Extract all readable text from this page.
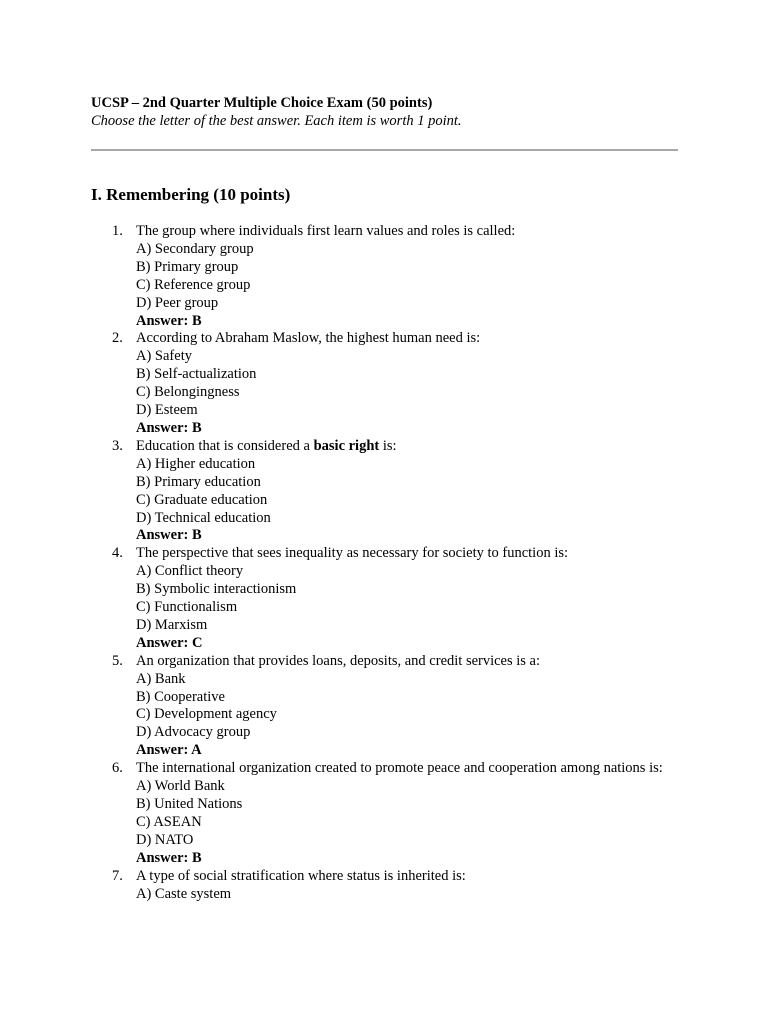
UCSP – 2nd Quarter Multiple Choice Exam (50 points)
Choose the letter of the best answer. Each item is worth 1 point.
I. Remembering (10 points)
1. The group where individuals first learn values and roles is called:
A) Secondary group
B) Primary group
C) Reference group
D) Peer group
Answer: B
2. According to Abraham Maslow, the highest human need is:
A) Safety
B) Self-actualization
C) Belongingness
D) Esteem
Answer: B
3. Education that is considered a basic right is:
A) Higher education
B) Primary education
C) Graduate education
D) Technical education
Answer: B
4. The perspective that sees inequality as necessary for society to function is:
A) Conflict theory
B) Symbolic interactionism
C) Functionalism
D) Marxism
Answer: C
5. An organization that provides loans, deposits, and credit services is a:
A) Bank
B) Cooperative
C) Development agency
D) Advocacy group
Answer: A
6. The international organization created to promote peace and cooperation among nations is:
A) World Bank
B) United Nations
C) ASEAN
D) NATO
Answer: B
7. A type of social stratification where status is inherited is:
A) Caste system
